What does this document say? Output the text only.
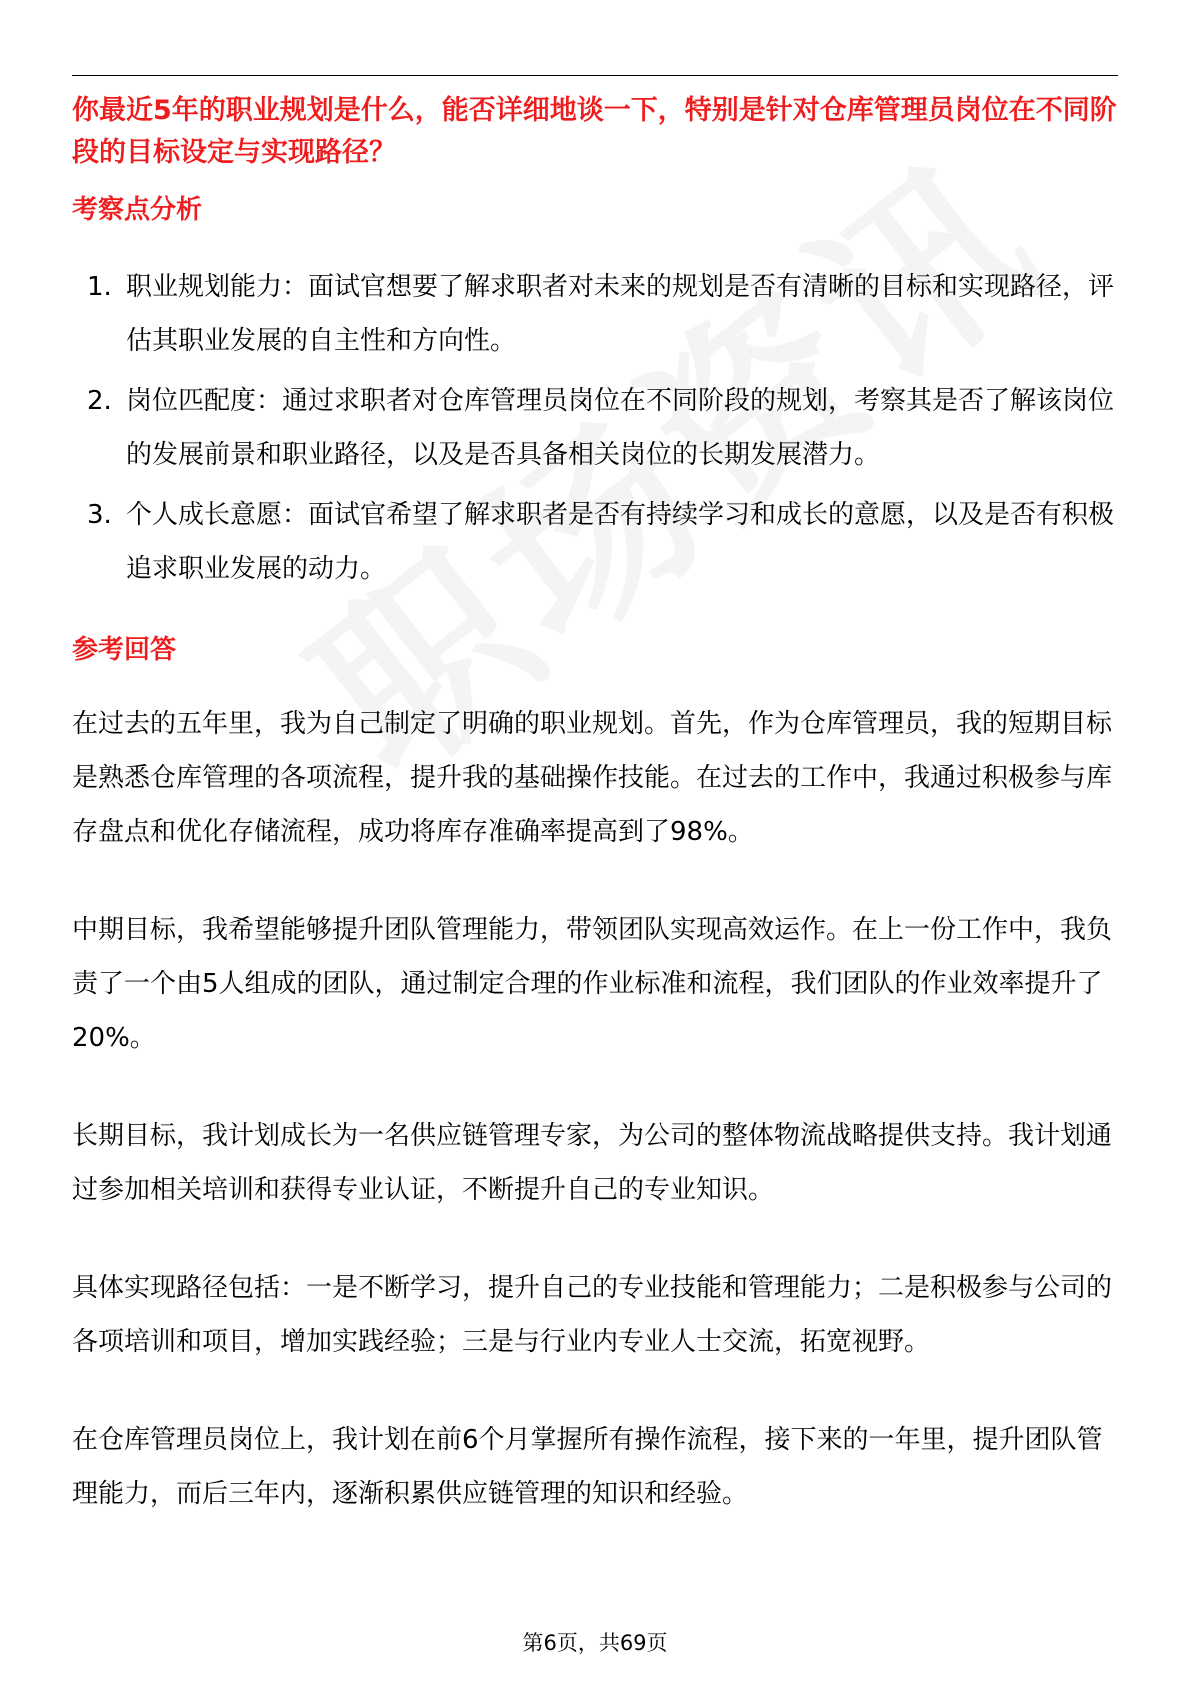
你最近5年的职业规划是什么，能否详细地谈一下，特别是针对仓库管理员岗位在不同阶段的目标设定与实现路径？
考察点分析
1. 职业规划能力：面试官想要了解求职者对未来的规划是否有清晰的目标和实现路径，评估其职业发展的自主性和方向性。
2. 岗位匹配度：通过求职者对仓库管理员岗位在不同阶段的规划，考察其是否了解该岗位的发展前景和职业路径，以及是否具备相关岗位的长期发展潜力。
3. 个人成长意愿：面试官希望了解求职者是否有持续学习和成长的意愿，以及是否有积极追求职业发展的动力。
参考回答

在过去的五年里，我为自己制定了明确的职业规划。首先，作为仓库管理员，我的短期目标是熟悉仓库管理的各项流程，提升我的基础操作技能。在过去的工作中，我通过积极参与库存盘点和优化存储流程，成功将库存准确率提高到了98%。

中期目标，我希望能够提升团队管理能力，带领团队实现高效运作。在上一份工作中，我负责了一个由5人组成的团队，通过制定合理的作业标准和流程，我们团队的作业效率提升了20%。

长期目标，我计划成长为一名供应链管理专家，为公司的整体物流战略提供支持。我计划通过参加相关培训和获得专业认证，不断提升自己的专业知识。

具体实现路径包括：一是不断学习，提升自己的专业技能和管理能力；二是积极参与公司的各项培训和项目，增加实践经验；三是与行业内专业人士交流，拓宽视野。

在仓库管理员岗位上，我计划在前6个月掌握所有操作流程，接下来的一年里，提升团队管理能力，而后三年内，逐渐积累供应链管理的知识和经验。

第6页，共69页
